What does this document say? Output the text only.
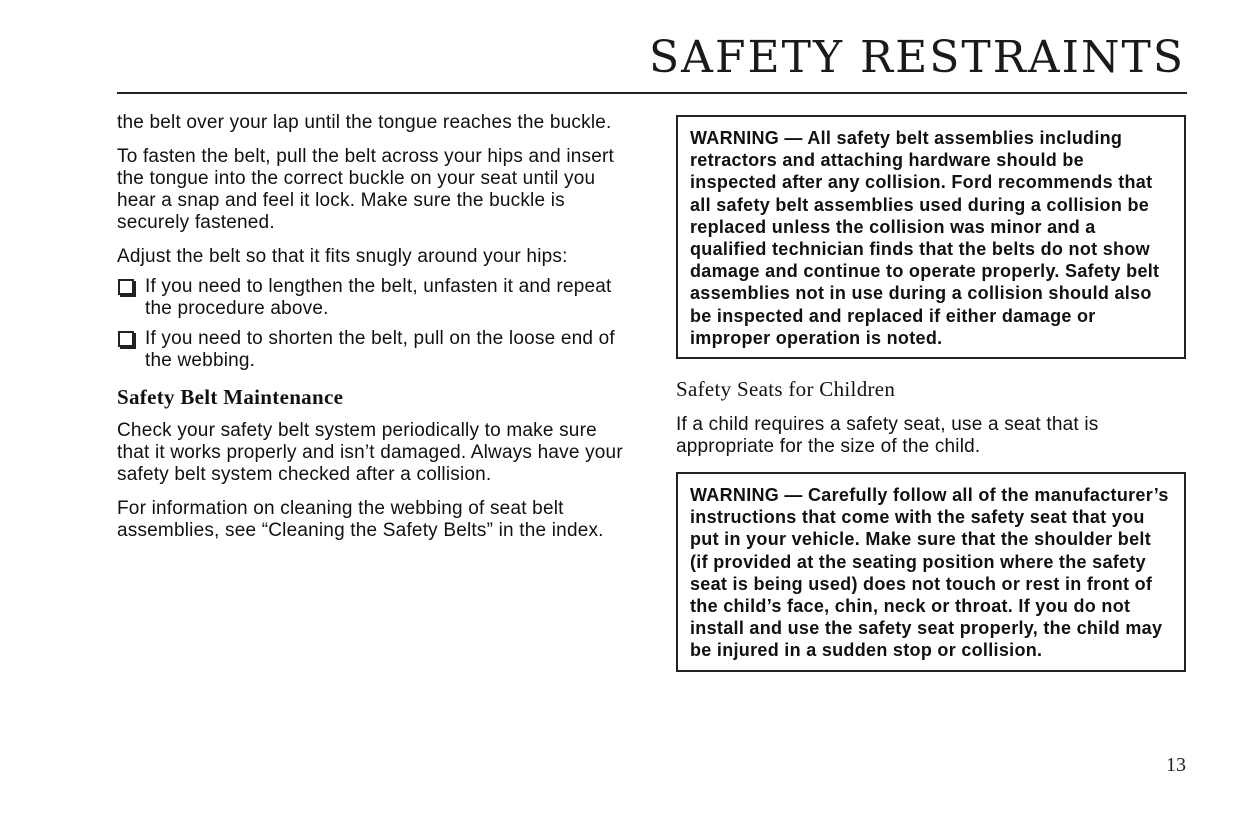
SAFETY RESTRAINTS

the belt over your lap until the tongue reaches the buckle.

To fasten the belt, pull the belt across your hips and insert the tongue into the correct buckle on your seat until you hear a snap and feel it lock. Make sure the buckle is securely fastened.

Adjust the belt so that it fits snugly around your hips:

If you need to lengthen the belt, unfasten it and repeat the procedure above.
If you need to shorten the belt, pull on the loose end of the webbing.
Safety Belt Maintenance

Check your safety belt system periodically to make sure that it works properly and isn’t damaged. Always have your safety belt system checked after a collision.

For information on cleaning the webbing of seat belt assemblies, see “Cleaning the Safety Belts” in the index.

WARNING — All safety belt assemblies including retractors and attaching hardware should be inspected after any collision. Ford recommends that all safety belt assemblies used during a collision be replaced unless the collision was minor and a qualified technician finds that the belts do not show damage and continue to operate properly. Safety belt assemblies not in use during a collision should also be inspected and replaced if either damage or improper operation is noted.
Safety Seats for Children

If a child requires a safety seat, use a seat that is appropriate for the size of the child.

WARNING — Carefully follow all of the manufacturer’s instructions that come with the safety seat that you put in your vehicle. Make sure that the shoulder belt (if provided at the seating position where the safety seat is being used) does not touch or rest in front of the child’s face, chin, neck or throat. If you do not install and use the safety seat properly, the child may be injured in a sudden stop or collision.
13
